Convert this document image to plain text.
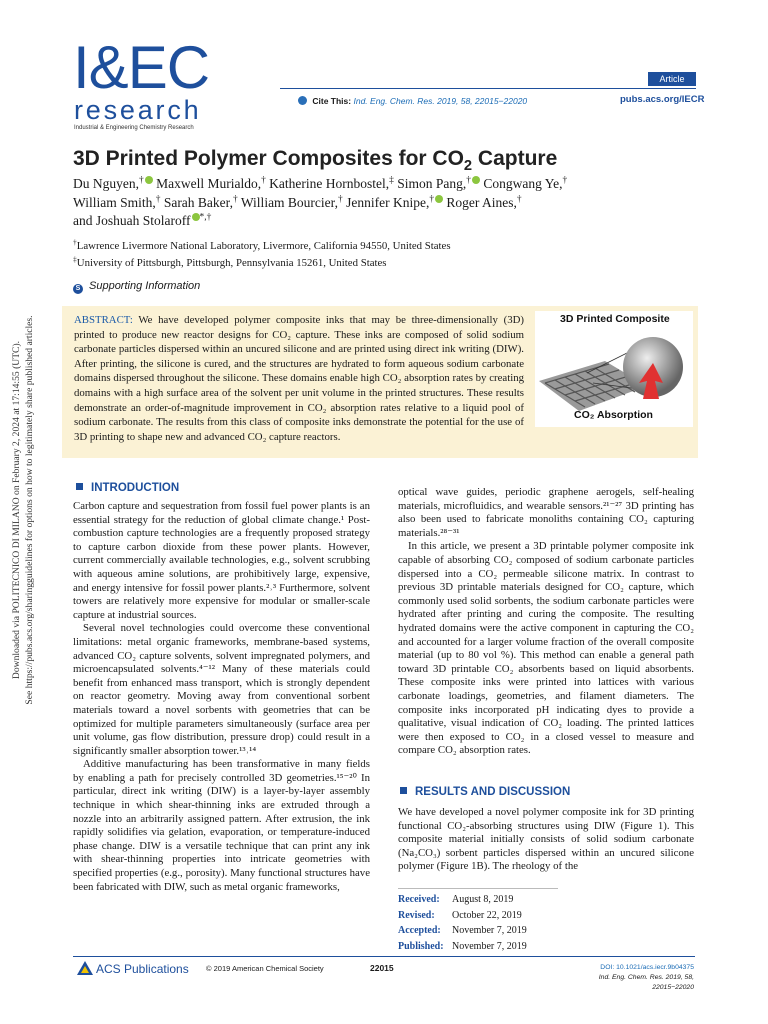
Downloaded via POLITECNICO DI MILANO on February 2, 2024 at 17:14:55 (UTC). See https://pubs.acs.org/sharingguidelines for options on how to legitimately share published articles.
I&EC
research
Industrial & Engineering Chemistry Research
Article
Cite This: Ind. Eng. Chem. Res. 2019, 58, 22015−22020	pubs.acs.org/IECR
3D Printed Polymer Composites for $CO_2$ Capture
Du Nguyen,† Maxwell Murialdo,† Katherine Hornbostel,‡ Simon Pang,† Congwang Ye,†
William Smith,† Sarah Baker,† William Bourcier,† Jennifer Knipe,† Roger Aines,†
and Joshuah Stolaroff *,†
†Lawrence Livermore National Laboratory, Livermore, California 94550, United States
‡University of Pittsburgh, Pittsburgh, Pennsylvania 15261, United States
S Supporting Information
ABSTRACT: We have developed polymer composite inks that may be three-dimensionally (3D) printed to produce new reactor designs for CO₂ capture. These inks are composed of solid sodium carbonate particles dispersed within an uncured silicone and are printed using direct ink writing (DIW). After printing, the silicone is cured, and the structures are hydrated to form aqueous sodium carbonate domains dispersed throughout the silicone. These domains enable high CO₂ absorption rates by creating domains with a high surface area of the solvent per unit volume in the printed structures. These results demonstrate an order-of-magnitude improvement in CO₂ absorption rates relative to a liquid pool of sodium carbonate. The results from this class of composite inks demonstrate the potential for the use of 3D printing to shape new and advanced CO₂ capture reactors.
3D Printed Composite
CO₂ Absorption
INTRODUCTION

Carbon capture and sequestration from fossil fuel power plants is an essential strategy for the reduction of global climate change.¹ Post-combustion capture technologies are a frequently proposed strategy to capture carbon dioxide from these power plants. However, current commercially available technologies, e.g., solvent scrubbing with aqueous amine solutions, are prohibitively large, expensive, and energy intensive for fossil power plants.²˒³ Furthermore, solvent towers are relatively more expensive for modular or smaller-scale capture at industrial sources.

Several novel technologies could overcome these conventional limitations: metal organic frameworks, membrane-based systems, advanced CO₂ capture solvents, solvent impregnated polymers, and microencapsulated solvents.⁴⁻¹² Many of these materials could benefit from enhanced mass transport, which is strongly dependent on reactor geometry. Moving away from conventional sorbent materials toward a novel sorbents with geometries that can be optimized for multiple parameters simultaneously (surface area per unit volume, gas flow distribution, pressure drop) could result in a significantly smaller absorption tower.¹³˒¹⁴

Additive manufacturing has been transformative in many fields by enabling a path for precisely controlled 3D geometries.¹⁵⁻²⁰ In particular, direct ink writing (DIW) is a layer-by-layer assembly technique in which shear-thinning inks are extruded through a nozzle into an arbitrarily assigned pattern. After extrusion, the ink rapidly solidifies via gelation, evaporation, or temperature-induced phase change. DIW is a versatile technique that can print any ink with shear-thinning properties into intricate geometries with specified properties (e.g., porosity). Many functional structures have been fabricated with DIW, such as metal organic frameworks,

optical wave guides, periodic graphene aerogels, self-healing materials, microfluidics, and wearable sensors.²¹⁻²⁷ 3D printing has also been used to fabricate monoliths containing CO₂ capturing materials.²⁸⁻³¹

In this article, we present a 3D printable polymer composite ink capable of absorbing CO₂ composed of sodium carbonate particles dispersed into a CO₂ permeable silicone matrix. In contrast to previous 3D printable materials designed for CO₂ capture, which commonly used solid sorbents, the sodium carbonate particles were hydrated after printing and curing the composite. The resulting hydrated domains were the active component in capturing the CO₂ and accounted for a larger volume fraction of the overall composite material (up to 80 vol %). This method can enable a general path toward 3D printable CO₂ absorbents based on liquid absorbents. These composite inks were printed into lattices with various carbonate loadings, geometries, and filament diameters. The composite inks incorporated pH indicating dyes to provide a qualitative, visual indication of CO₂ loading. The printed lattices were then exposed to CO₂ in a closed vessel to measure and compare CO₂ absorption rates.

RESULTS AND DISCUSSION

We have developed a novel polymer composite ink for 3D printing functional CO₂-absorbing structures using DIW (Figure 1). This composite material initially consists of solid sodium carbonate (Na₂CO₃) sorbent particles dispersed within an uncured silicone polymer (Figure 1B). The rheology of the

Received: August 8, 2019
Revised: October 22, 2019
Accepted: November 7, 2019
Published: November 7, 2019
ACS Publications © 2019 American Chemical Society	22015	DOI: 10.1021/acs.iecr.9b04375
Ind. Eng. Chem. Res. 2019, 58, 22015−22020
